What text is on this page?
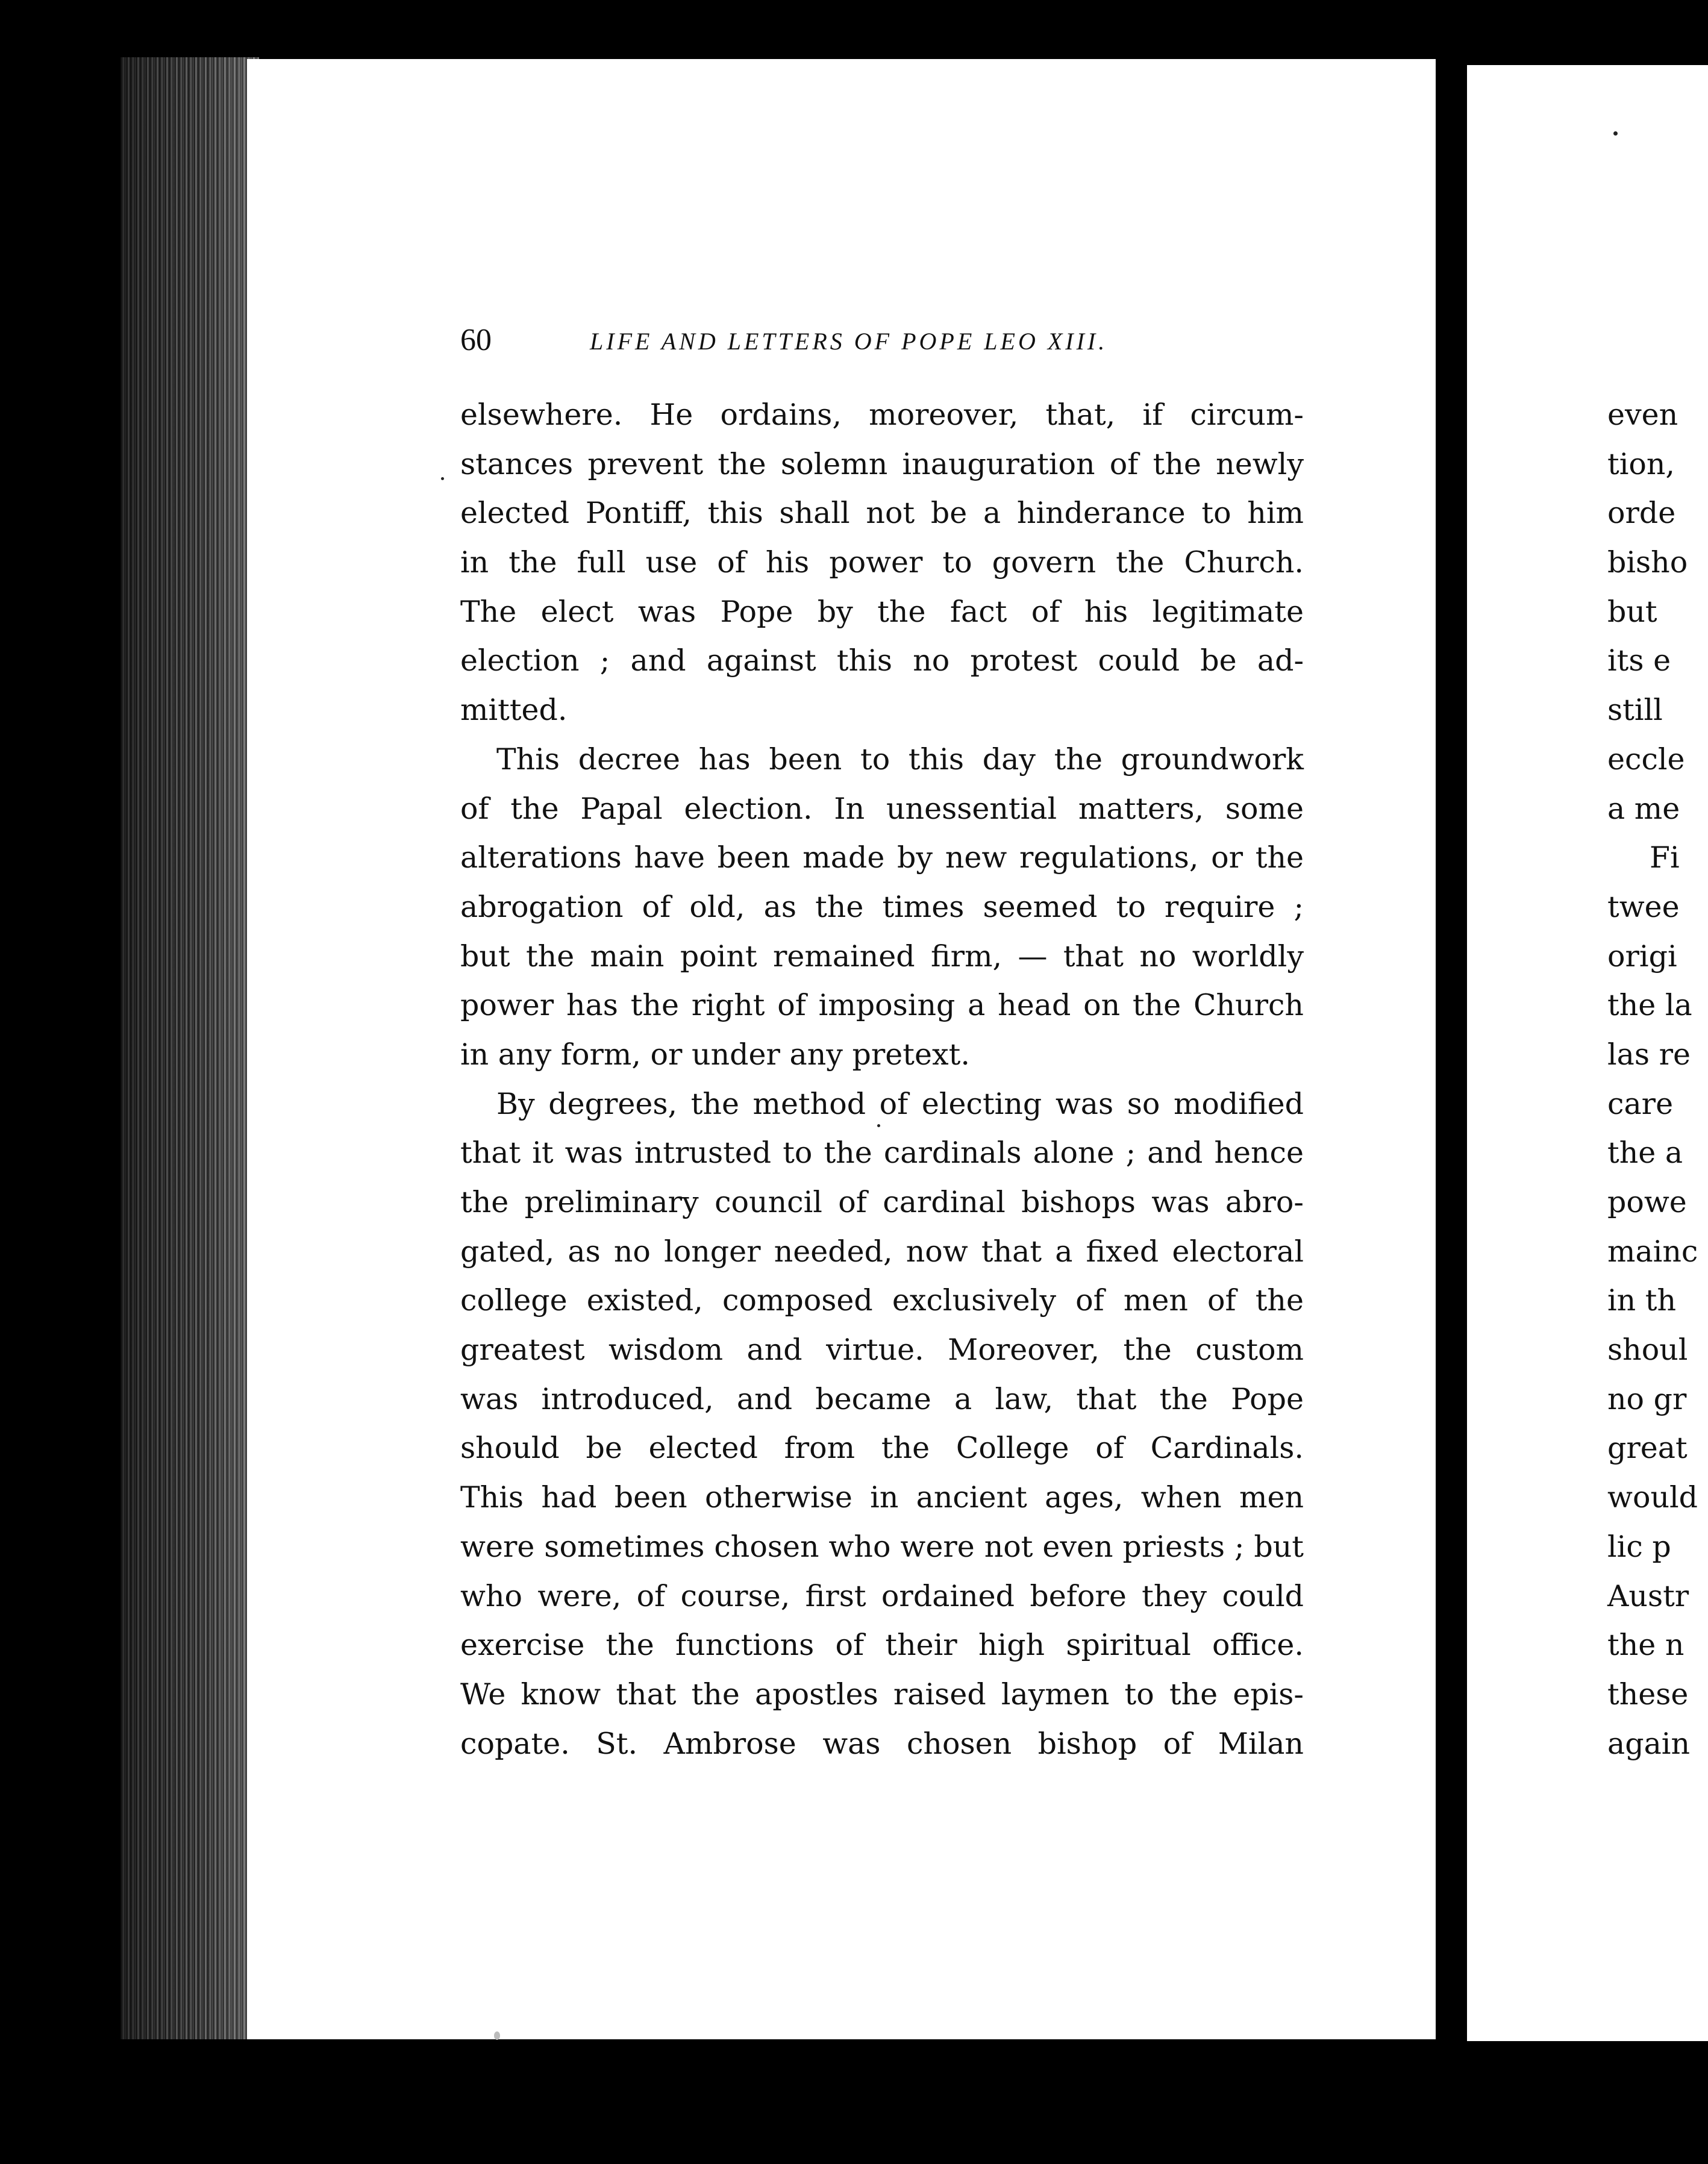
60	LIFE AND LETTERS OF POPE LEO XIII.
elsewhere. He ordains, moreover, that, if circum-
stances prevent the solemn inauguration of the newly
elected Pontiff, this shall not be a hinderance to him
in the full use of his power to govern the Church.
The elect was Pope by the fact of his legitimate
election ; and against this no protest could be ad-
mitted.
This decree has been to this day the groundwork
of the Papal election. In unessential matters, some
alterations have been made by new regulations, or the
abrogation of old, as the times seemed to require ;
but the main point remained firm, — that no worldly
power has the right of imposing a head on the Church
in any form, or under any pretext.
By degrees, the method of electing was so modified
that it was intrusted to the cardinals alone ; and hence
the preliminary council of cardinal bishops was abro-
gated, as no longer needed, now that a fixed electoral
college existed, composed exclusively of men of the
greatest wisdom and virtue. Moreover, the custom
was introduced, and became a law, that the Pope
should be elected from the College of Cardinals.
This had been otherwise in ancient ages, when men
were sometimes chosen who were not even priests ; but
who were, of course, first ordained before they could
exercise the functions of their high spiritual office.
We know that the apostles raised laymen to the epis-
copate. St. Ambrose was chosen bishop of Milan
even
tion,
orde
bisho
but
its e
still
eccle
a me
Fi
twee
origi
the la
las re
care
the a
powe
mainc
in th
shoul
no gr
great
would
lic p
Austr
the n
these
again
